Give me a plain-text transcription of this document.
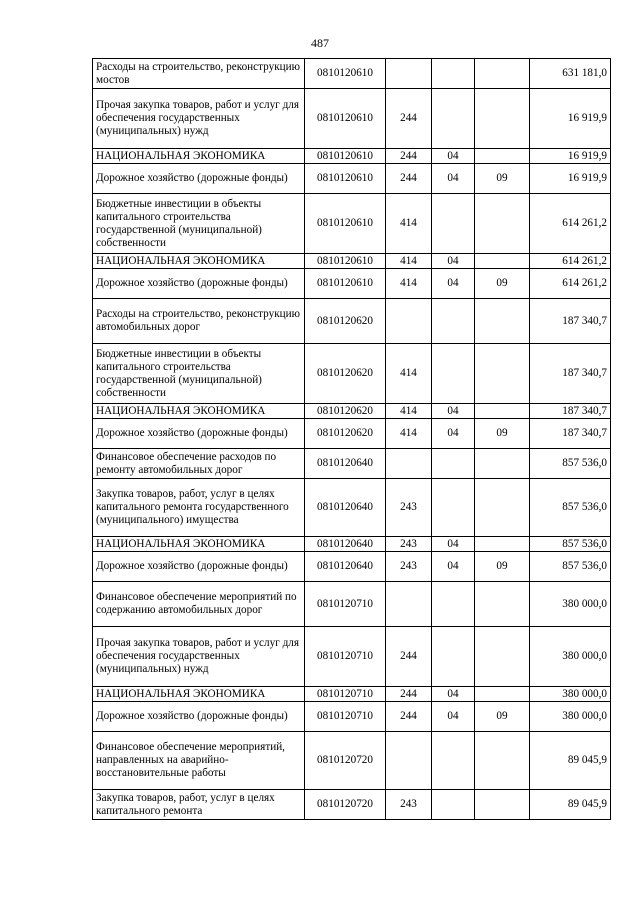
487
Расходы на строительство, реконструкцию мостов	0810120610				631 181,0
Прочая закупка товаров, работ и услуг для обеспечения государственных (муниципальных) нужд	0810120610	244			16 919,9
НАЦИОНАЛЬНАЯ ЭКОНОМИКА	0810120610	244	04		16 919,9
Дорожное хозяйство (дорожные фонды)	0810120610	244	04	09	16 919,9
Бюджетные инвестиции в объекты капитального строительства государственной (муниципальной) собственности	0810120610	414			614 261,2
НАЦИОНАЛЬНАЯ ЭКОНОМИКА	0810120610	414	04		614 261,2
Дорожное хозяйство (дорожные фонды)	0810120610	414	04	09	614 261,2
Расходы на строительство, реконструкцию автомобильных дорог	0810120620				187 340,7
Бюджетные инвестиции в объекты капитального строительства государственной (муниципальной) собственности	0810120620	414			187 340,7
НАЦИОНАЛЬНАЯ ЭКОНОМИКА	0810120620	414	04		187 340,7
Дорожное хозяйство (дорожные фонды)	0810120620	414	04	09	187 340,7
Финансовое обеспечение расходов по ремонту автомобильных дорог	0810120640				857 536,0
Закупка товаров, работ, услуг в целях капитального ремонта государственного (муниципального) имущества	0810120640	243			857 536,0
НАЦИОНАЛЬНАЯ ЭКОНОМИКА	0810120640	243	04		857 536,0
Дорожное хозяйство (дорожные фонды)	0810120640	243	04	09	857 536,0
Финансовое обеспечение мероприятий по содержанию автомобильных дорог	0810120710				380 000,0
Прочая закупка товаров, работ и услуг для обеспечения государственных (муниципальных) нужд	0810120710	244			380 000,0
НАЦИОНАЛЬНАЯ ЭКОНОМИКА	0810120710	244	04		380 000,0
Дорожное хозяйство (дорожные фонды)	0810120710	244	04	09	380 000,0
Финансовое обеспечение мероприятий, направленных на аварийно-восстановительные работы	0810120720				89 045,9
Закупка товаров, работ, услуг в целях капитального ремонта	0810120720	243			89 045,9
